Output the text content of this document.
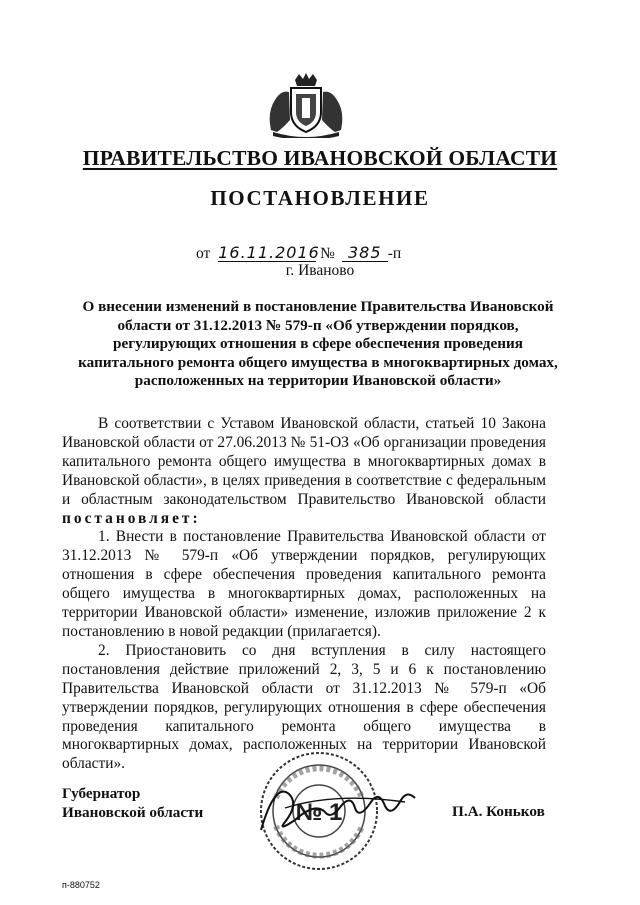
ПРАВИТЕЛЬСТВО ИВАНОВСКОЙ ОБЛАСТИ
ПОСТАНОВЛЕНИЕ
от 16.11.2016 № 385 -п
г. Иваново
О внесении изменений в постановление Правительства Ивановской области от 31.12.2013 № 579-п «Об утверждении порядков, регулирующих отношения в сфере обеспечения проведения капитального ремонта общего имущества в многоквартирных домах, расположенных на территории Ивановской области»

В соответствии с Уставом Ивановской области, статьей 10 Закона Ивановской области от 27.06.2013 № 51-ОЗ «Об организации проведения капитального ремонта общего имущества в многоквартирных домах в Ивановской области», в целях приведения в соответствие с федеральным и областным законодательством Правительство Ивановской области постановляет:

1. Внести в постановление Правительства Ивановской области от 31.12.2013 № 579-п «Об утверждении порядков, регулирующих отношения в сфере обеспечения проведения капитального ремонта общего имущества в многоквартирных домах, расположенных на территории Ивановской области» изменение, изложив приложение 2 к постановлению в новой редакции (прилагается).

2. Приостановить со дня вступления в силу настоящего постановления действие приложений 2, 3, 5 и 6 к постановлению Правительства Ивановской области от 31.12.2013 № 579-п «Об утверждении порядков, регулирующих отношения в сфере обеспечения проведения капитального ремонта общего имущества в многоквартирных домах, расположенных на территории Ивановской области».

Губернатор
Ивановской области	№ 1	П.А. Коньков
п-880752
